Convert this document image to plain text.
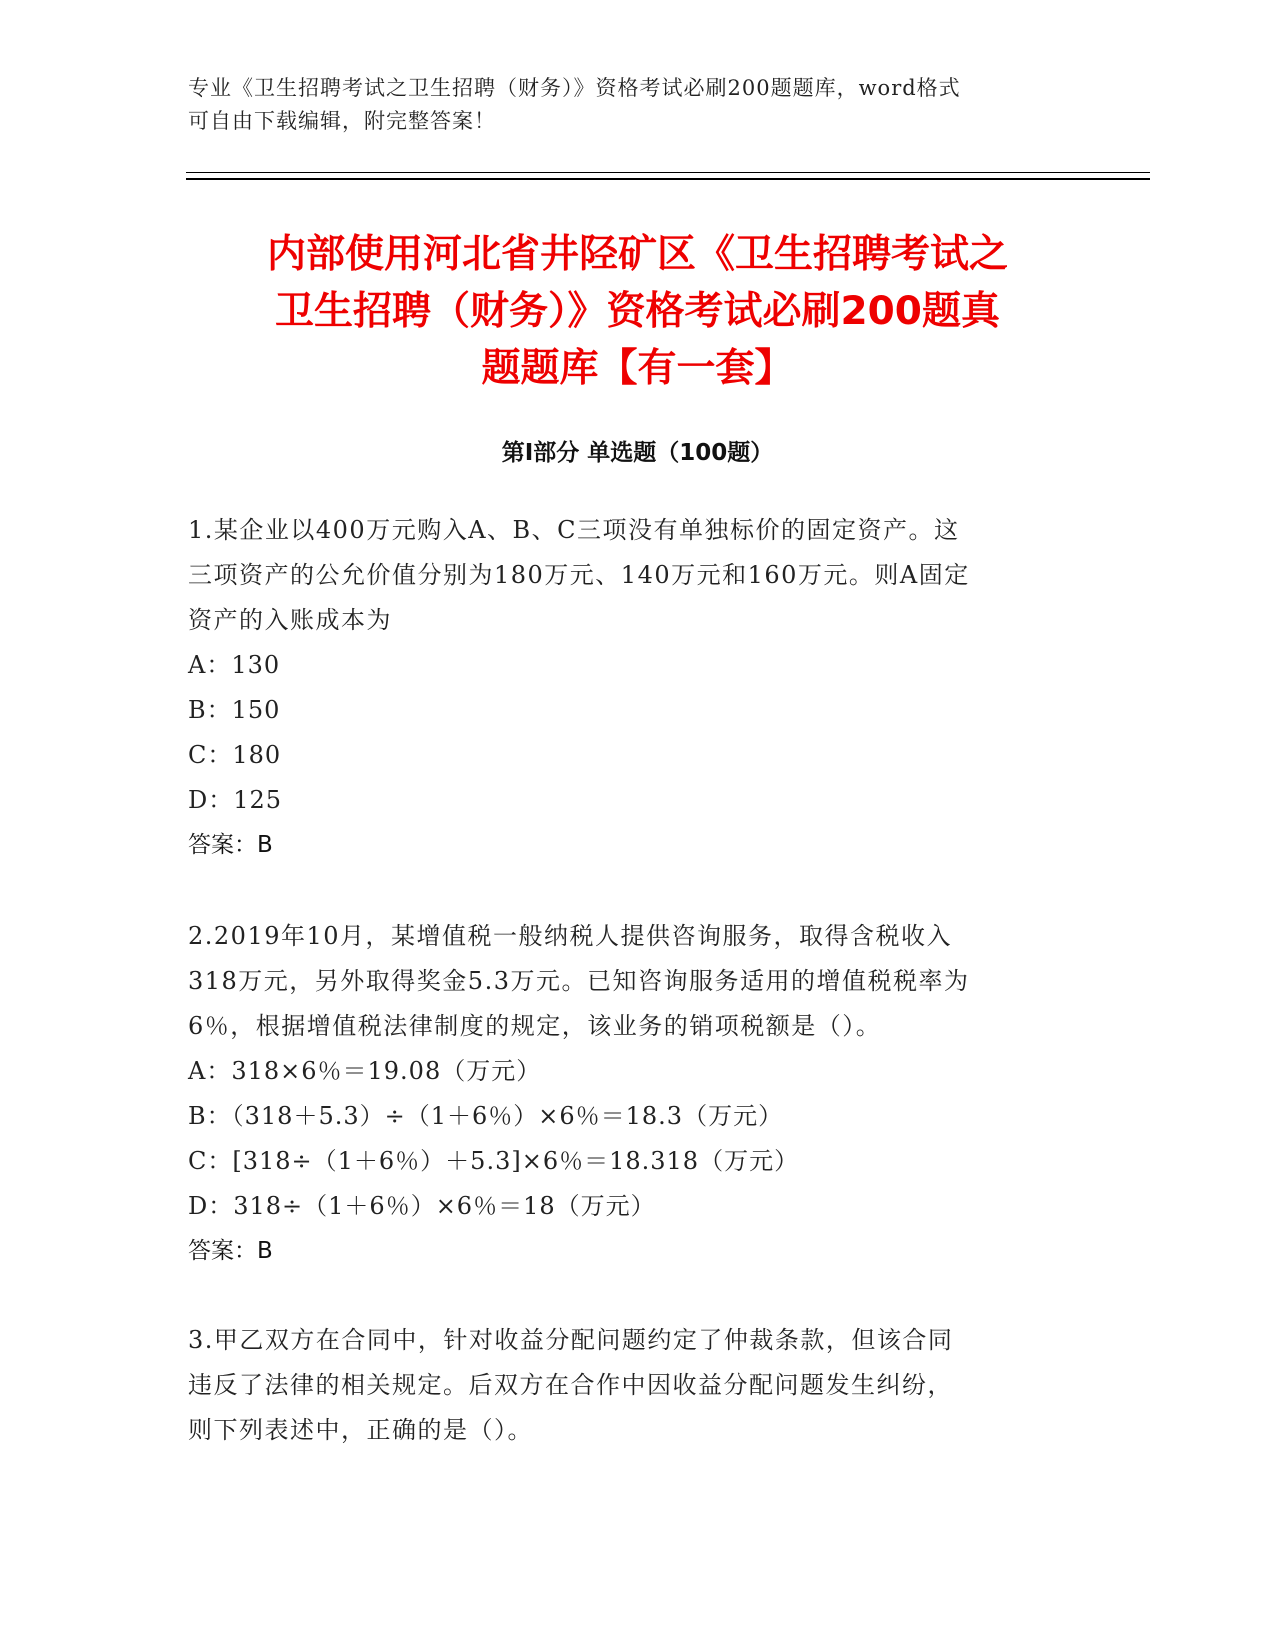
专业《卫生招聘考试之卫生招聘（财务）》资格考试必刷200题题库，word格式
可自由下载编辑，附完整答案！

内部使用河北省井陉矿区《卫生招聘考试之
卫生招聘（财务）》资格考试必刷200题真
题题库【有一套】
第Ⅰ部分 单选题（100题）
1.某企业以400万元购入A、B、C三项没有单独标价的固定资产。这
三项资产的公允价值分别为180万元、140万元和160万元。则A固定
资产的入账成本为
A：130
B：150
C：180
D：125
答案：B
2.2019年10月，某增值税一般纳税人提供咨询服务，取得含税收入
318万元，另外取得奖金5.3万元。已知咨询服务适用的增值税税率为
6％，根据增值税法律制度的规定，该业务的销项税额是（）。
A：318×6％＝19.08（万元）
B：（318＋5.3）÷（1＋6％）×6％＝18.3（万元）
C：[318÷（1＋6％）＋5.3]×6％＝18.318（万元）
D：318÷（1＋6％）×6％＝18（万元）
答案：B
3.甲乙双方在合同中，针对收益分配问题约定了仲裁条款，但该合同
违反了法律的相关规定。后双方在合作中因收益分配问题发生纠纷，
则下列表述中，正确的是（）。
